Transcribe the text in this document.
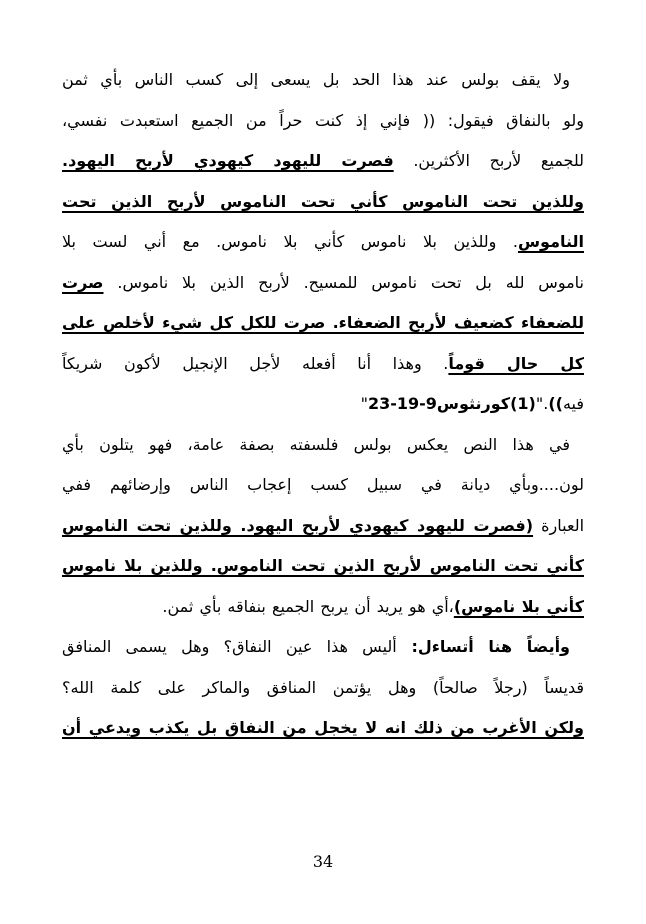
ولا يقف بولس عند هذا الحد بل يسعى إلى كسب الناس بأي ثمن
ولو بالنفاق فيقول: (( فإني إذ كنت حراً من الجميع استعبدت نفسي،
للجميع لأربح الأكثرين. فصرت لليهود كيهودي لأربح اليهود.
وللذين تحت الناموس كأني تحت الناموس لأربح الذين تحت
الناموس. وللذين بلا ناموس كأني بلا ناموس. مع أني لست بلا
ناموس لله بل تحت ناموس للمسيح. لأربح الذين بلا ناموس. صرت
للضعفاء كضعيف لأربح الضعفاء. صرت للكل كل شيء لأخلص على
كل حال قوماً. وهذا أنا أفعله لأجل الإنجيل لأكون شريكاً
فيه))."(1)كورنثوس9-19-23"
في هذا النص يعكس بولس فلسفته بصفة عامة، فهو يتلون بأي
لون....وبأي ديانة في سبيل كسب إعجاب الناس وإرضائهم ففي
العبارة (فصرت لليهود كيهودي لأربح اليهود. وللذين تحت الناموس
كأني تحت الناموس لأربح الذين تحت الناموس. وللذين بلا ناموس
كأني بلا ناموس)،أي هو يريد أن يربح الجميع بنفاقه بأي ثمن.
وأيضاً هنا أتساءل: أليس هذا عين النفاق؟ وهل يسمى المنافق
قديساً (رجلاً صالحاً) وهل يؤتمن المنافق والماكر على كلمة الله؟
ولكن الأغرب من ذلك انه لا يخجل من النفاق بل يكذب ويدعي أن
34
